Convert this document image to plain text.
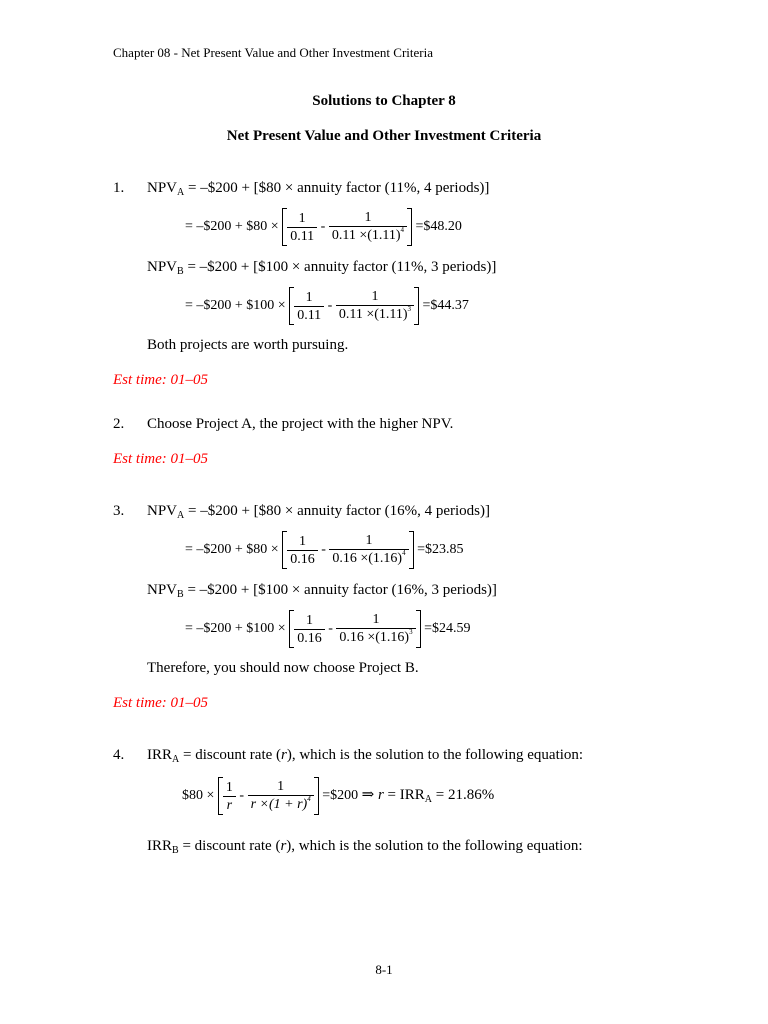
Chapter 08 - Net Present Value and Other Investment Criteria
Solutions to Chapter 8
Net Present Value and Other Investment Criteria
1. $NPV_A$ = –$200 + [$80 × annuity factor (11%, 4 periods)]
= –$200 + $80 × $\frac{1}{0.11} - \frac{1}{0.11 \times(1.11)^4}$ =$48.20
$NPV_B$ = –$200 + [$100 × annuity factor (11%, 3 periods)]
= –$200 + $100 × $\frac{1}{0.11} - \frac{1}{0.11 \times(1.11)^3}$ =$44.37
Both projects are worth pursuing.
Est time: 01–05
2. Choose Project A, the project with the higher NPV.
Est time: 01–05
3. $NPV_A$ = –$200 + [$80 × annuity factor (16%, 4 periods)]
= –$200 + $80 × $\frac{1}{0.16} - \frac{1}{0.16 \times(1.16)^4}$ =$23.85
$NPV_B$ = –$200 + [$100 × annuity factor (16%, 3 periods)]
= –$200 + $100 × $\frac{1}{0.16} - \frac{1}{0.16 \times(1.16)^3}$ =$24.59
Therefore, you should now choose Project B.
Est time: 01–05
4. $IRR_A$ = discount rate (r), which is the solution to the following equation:
$80 × $\frac{1}{r} - \frac{1}{r \times(1 + r)^4}$ =$200 ⇒ $r = IRR_A = 21.86\%$
$IRR_B$ = discount rate (r), which is the solution to the following equation:
8-1
